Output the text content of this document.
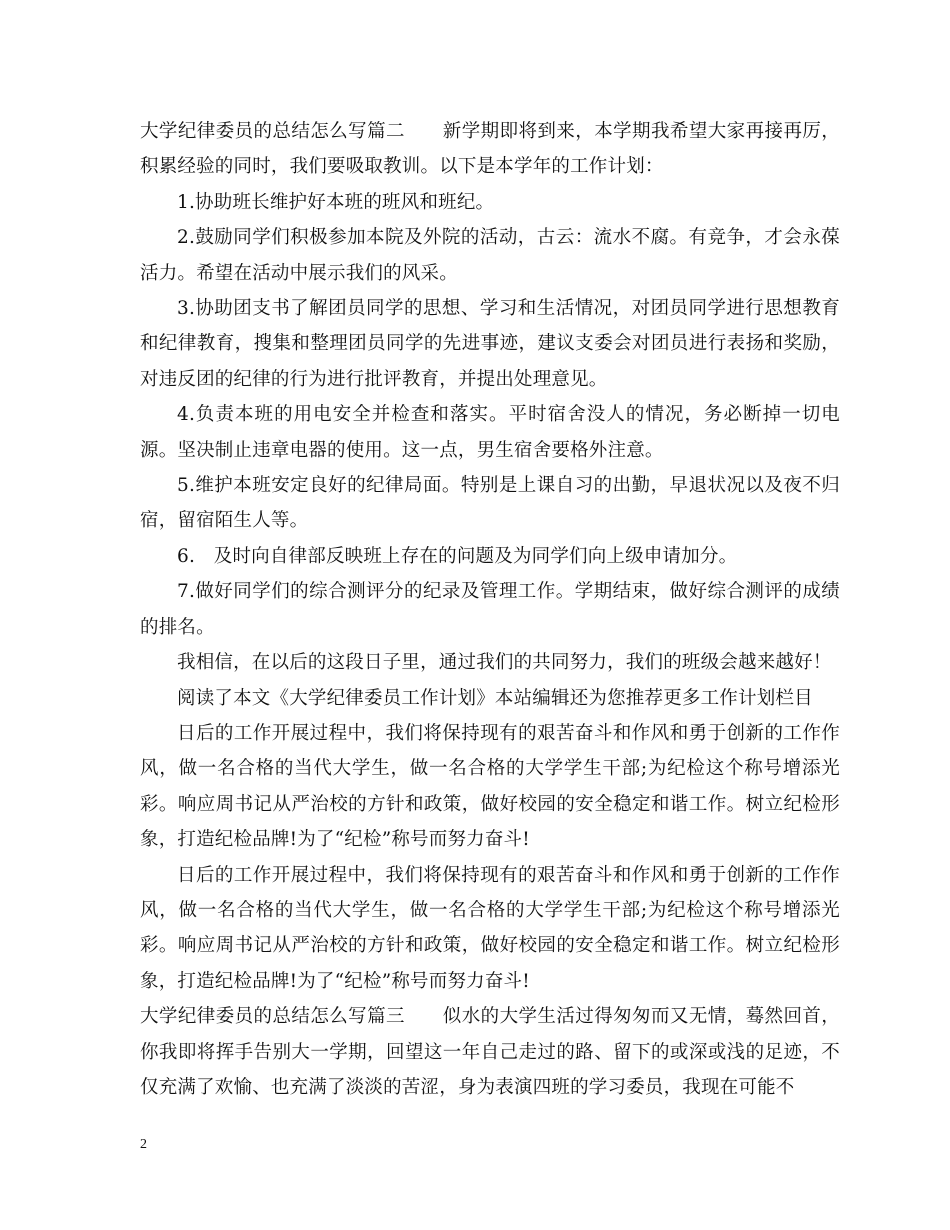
大学纪律委员的总结怎么写篇二　　新学期即将到来，本学期我希望大家再接再厉，积累经验的同时，我们要吸取教训。以下是本学年的工作计划：

1.协助班长维护好本班的班风和班纪。

2.鼓励同学们积极参加本院及外院的活动，古云：流水不腐。有竞争，才会永葆活力。希望在活动中展示我们的风采。

3.协助团支书了解团员同学的思想、学习和生活情况，对团员同学进行思想教育和纪律教育，搜集和整理团员同学的先进事迹，建议支委会对团员进行表扬和奖励，对违反团的纪律的行为进行批评教育，并提出处理意见。

4.负责本班的用电安全并检查和落实。平时宿舍没人的情况，务必断掉一切电源。坚决制止违章电器的使用。这一点，男生宿舍要格外注意。

5.维护本班安定良好的纪律局面。特别是上课自习的出勤，早退状况以及夜不归宿，留宿陌生人等。

6.　及时向自律部反映班上存在的问题及为同学们向上级申请加分。

7.做好同学们的综合测评分的纪录及管理工作。学期结束，做好综合测评的成绩的排名。

我相信，在以后的这段日子里，通过我们的共同努力，我们的班级会越来越好！

阅读了本文《大学纪律委员工作计划》本站编辑还为您推荐更多工作计划栏目

日后的工作开展过程中，我们将保持现有的艰苦奋斗和作风和勇于创新的工作作风，做一名合格的当代大学生，做一名合格的大学学生干部;为纪检这个称号增添光彩。响应周书记从严治校的方针和政策，做好校园的安全稳定和谐工作。树立纪检形象，打造纪检品牌!为了“纪检”称号而努力奋斗!

日后的工作开展过程中，我们将保持现有的艰苦奋斗和作风和勇于创新的工作作风，做一名合格的当代大学生，做一名合格的大学学生干部;为纪检这个称号增添光彩。响应周书记从严治校的方针和政策，做好校园的安全稳定和谐工作。树立纪检形象，打造纪检品牌!为了“纪检”称号而努力奋斗!

大学纪律委员的总结怎么写篇三　　似水的大学生活过得匆匆而又无情，蓦然回首，你我即将挥手告别大一学期，回望这一年自己走过的路、留下的或深或浅的足迹，不仅充满了欢愉、也充满了淡淡的苦涩，身为表演四班的学习委员，我现在可能不

2
